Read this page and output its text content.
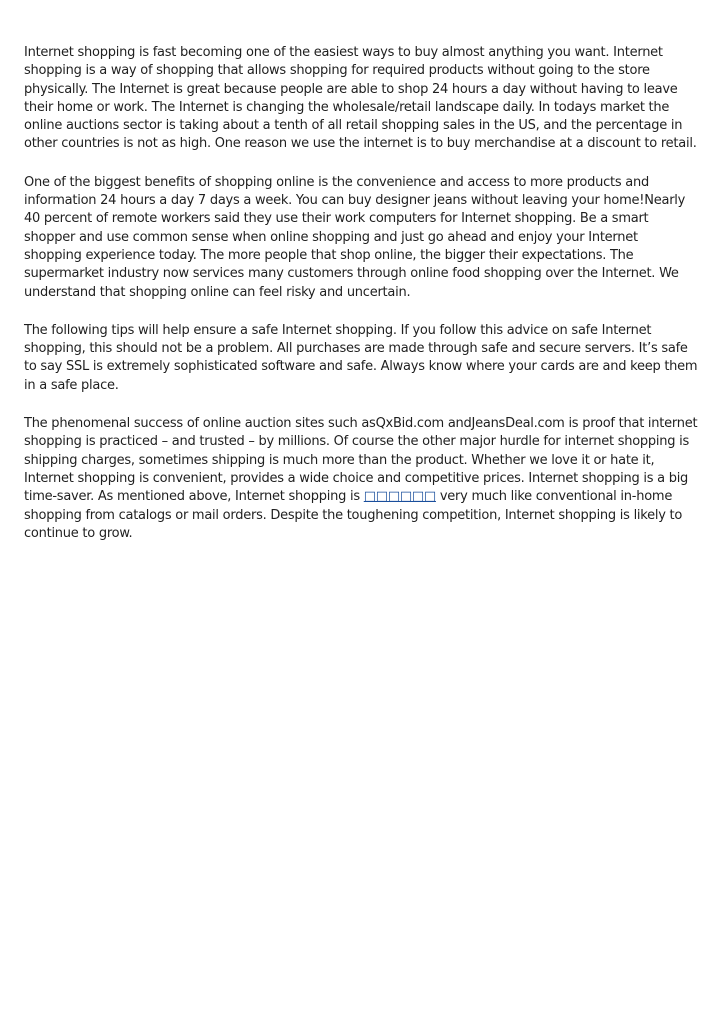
Internet shopping is fast becoming one of the easiest ways to buy almost anything you want. Internet shopping is a way of shopping that allows shopping for required products without going to the store physically. The Internet is great because people are able to shop 24 hours a day without having to leave their home or work. The Internet is changing the wholesale/retail landscape daily. In todays market the online auctions sector is taking about a tenth of all retail shopping sales in the US, and the percentage in other countries is not as high. One reason we use the internet is to buy merchandise at a discount to retail.

One of the biggest benefits of shopping online is the convenience and access to more products and information 24 hours a day 7 days a week. You can buy designer jeans without leaving your home!Nearly 40 percent of remote workers said they use their work computers for Internet shopping. Be a smart shopper and use common sense when online shopping and just go ahead and enjoy your Internet shopping experience today. The more people that shop online, the bigger their expectations. The supermarket industry now services many customers through online food shopping over the Internet. We understand that shopping online can feel risky and uncertain.

The following tips will help ensure a safe Internet shopping. If you follow this advice on safe Internet shopping, this should not be a problem. All purchases are made through safe and secure servers. It’s safe to say SSL is extremely sophisticated software and safe. Always know where your cards are and keep them in a safe place.

The phenomenal success of online auction sites such asQxBid.com andJeansDeal.com is proof that internet shopping is practiced – and trusted – by millions. Of course the other major hurdle for internet shopping is shipping charges, sometimes shipping is much more than the product. Whether we love it or hate it, Internet shopping is convenient, provides a wide choice and competitive prices. Internet shopping is a big time-saver. As mentioned above, Internet shopping is □□□□□□ very much like conventional in-home shopping from catalogs or mail orders. Despite the toughening competition, Internet shopping is likely to continue to grow.
